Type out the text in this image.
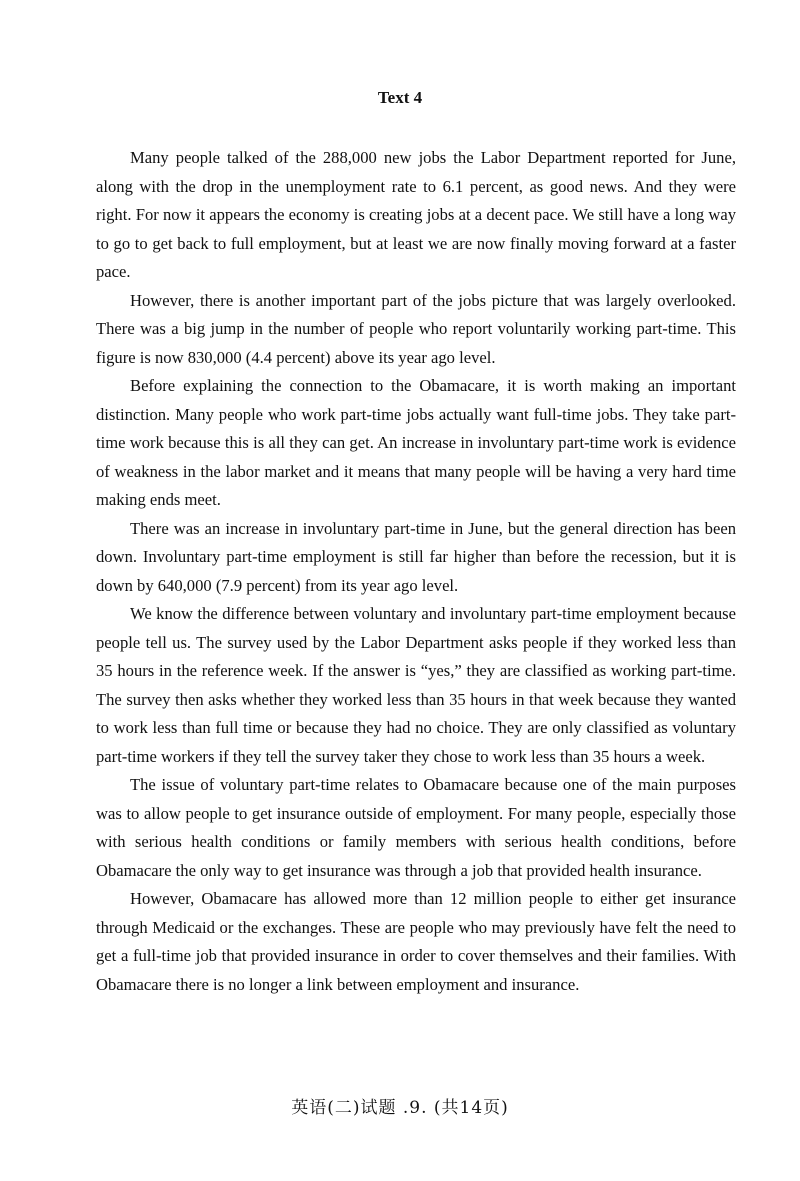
Text 4

Many people talked of the 288,000 new jobs the Labor Department reported for June, along with the drop in the unemployment rate to 6.1 percent, as good news. And they were right. For now it appears the economy is creating jobs at a decent pace. We still have a long way to go to get back to full employment, but at least we are now finally moving forward at a faster pace.

However, there is another important part of the jobs picture that was largely overlooked. There was a big jump in the number of people who report voluntarily working part-time. This figure is now 830,000 (4.4 percent) above its year ago level.

Before explaining the connection to the Obamacare, it is worth making an important distinction. Many people who work part-time jobs actually want full-time jobs. They take part-time work because this is all they can get. An increase in involuntary part-time work is evidence of weakness in the labor market and it means that many people will be having a very hard time making ends meet.

There was an increase in involuntary part-time in June, but the general direction has been down. Involuntary part-time employment is still far higher than before the recession, but it is down by 640,000 (7.9 percent) from its year ago level.

We know the difference between voluntary and involuntary part-time employment because people tell us. The survey used by the Labor Department asks people if they worked less than 35 hours in the reference week. If the answer is “yes,” they are classified as working part-time. The survey then asks whether they worked less than 35 hours in that week because they wanted to work less than full time or because they had no choice. They are only classified as voluntary part-time workers if they tell the survey taker they chose to work less than 35 hours a week.

The issue of voluntary part-time relates to Obamacare because one of the main purposes was to allow people to get insurance outside of employment. For many people, especially those with serious health conditions or family members with serious health conditions, before Obamacare the only way to get insurance was through a job that provided health insurance.

However, Obamacare has allowed more than 12 million people to either get insurance through Medicaid or the exchanges. These are people who may previously have felt the need to get a full-time job that provided insurance in order to cover themselves and their families. With Obamacare there is no longer a link between employment and insurance.

英语(二)试题 .9. (共14页)
